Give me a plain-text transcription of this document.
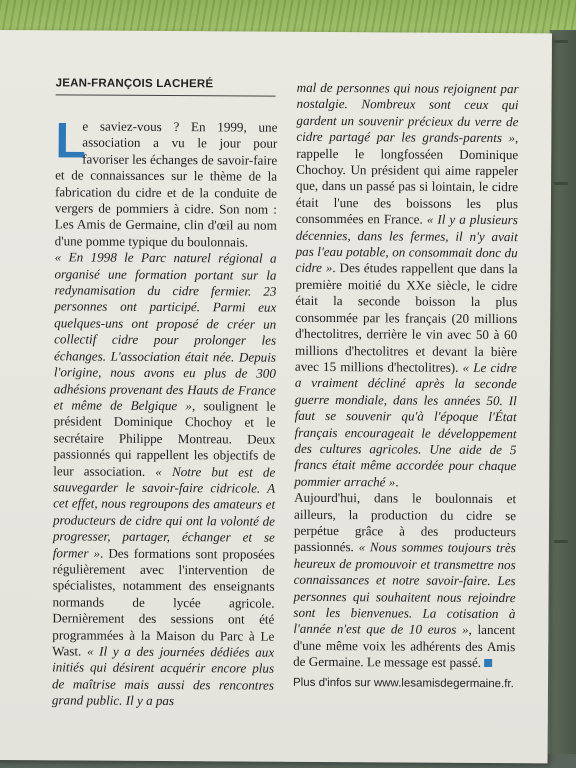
JEAN-FRANÇOIS LACHERÉ

L
e saviez-vous ? En 1999, une association a vu le jour pour favoriser les échanges de savoir-faire et de connaissances sur le thème de la fabrication du cidre et de la conduite de vergers de pommiers à cidre. Son nom : Les Amis de Germaine, clin d'œil au nom d'une pomme typique du boulonnais.

« En 1998 le Parc naturel régional a organisé une formation portant sur la redynamisation du cidre fermier. 23 personnes ont participé. Parmi eux quelques-uns ont proposé de créer un collectif cidre pour prolonger les échanges. L'association était née. Depuis l'origine, nous avons eu plus de 300 adhésions provenant des Hauts de France et même de Belgique », soulignent le président Dominique Chochoy et le secrétaire Philippe Montreau. Deux passionnés qui rappellent les objectifs de leur association. « Notre but est de sauvegarder le savoir-faire cidricole. A cet effet, nous regroupons des amateurs et producteurs de cidre qui ont la volonté de progresser, partager, échanger et se former ». Des formations sont proposées régulièrement avec l'intervention de spécialistes, notamment des enseignants normands de lycée agricole. Dernièrement des sessions ont été programmées à la Maison du Parc à Le Wast. « Il y a des journées dédiées aux initiés qui désirent acquérir encore plus de maîtrise mais aussi des rencontres grand public. Il y a pas

mal de personnes qui nous rejoignent par nostalgie. Nombreux sont ceux qui gardent un souvenir précieux du verre de cidre partagé par les grands-parents », rappelle le longfosséen Dominique Chochoy. Un président qui aime rappeler que, dans un passé pas si lointain, le cidre était l'une des boissons les plus consommées en France. « Il y a plusieurs décennies, dans les fermes, il n'y avait pas l'eau potable, on consommait donc du cidre ». Des études rappellent que dans la première moitié du XXe siècle, le cidre était la seconde boisson la plus consommée par les français (20 millions d'hectolitres, derrière le vin avec 50 à 60 millions d'hectolitres et devant la bière avec 15 millions d'hectolitres). « Le cidre a vraiment décliné après la seconde guerre mondiale, dans les années 50. Il faut se souvenir qu'à l'époque l'État français encourageait le développement des cultures agricoles. Une aide de 5 francs était même accordée pour chaque pommier arraché ».

Aujourd'hui, dans le boulonnais et ailleurs, la production du cidre se perpétue grâce à des producteurs passionnés. « Nous sommes toujours très heureux de promouvoir et transmettre nos connaissances et notre savoir-faire. Les personnes qui souhaitent nous rejoindre sont les bienvenues. La cotisation à l'année n'est que de 10 euros », lancent d'une même voix les adhérents des Amis de Germaine. Le message est passé.

Plus d'infos sur www.lesamisdegermaine.fr.
